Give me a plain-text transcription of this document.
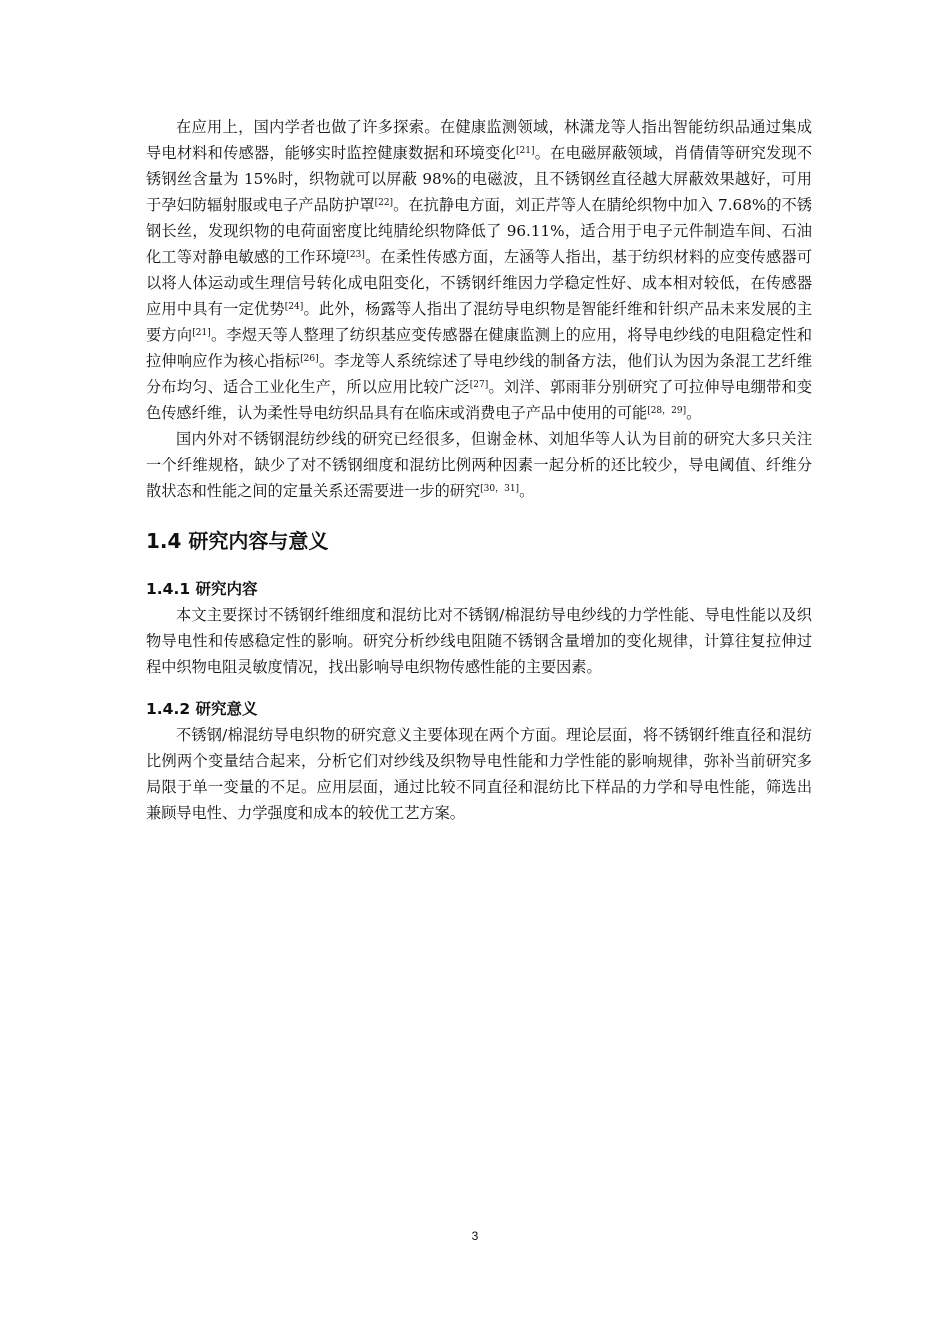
在应用上，国内学者也做了许多探索。在健康监测领域，林潇龙等人指出智能纺织品通过集成导电材料和传感器，能够实时监控健康数据和环境变化[21]。在电磁屏蔽领域，肖倩倩等研究发现不锈钢丝含量为 15%时，织物就可以屏蔽 98%的电磁波，且不锈钢丝直径越大屏蔽效果越好，可用于孕妇防辐射服或电子产品防护罩[22]。在抗静电方面，刘正芹等人在腈纶织物中加入 7.68%的不锈钢长丝，发现织物的电荷面密度比纯腈纶织物降低了 96.11%，适合用于电子元件制造车间、石油化工等对静电敏感的工作环境[23]。在柔性传感方面，左涵等人指出，基于纺织材料的应变传感器可以将人体运动或生理信号转化成电阻变化，不锈钢纤维因力学稳定性好、成本相对较低，在传感器应用中具有一定优势[24]。此外，杨露等人指出了混纺导电织物是智能纤维和针织产品未来发展的主要方向[21]。李煜天等人整理了纺织基应变传感器在健康监测上的应用，将导电纱线的电阻稳定性和拉伸响应作为核心指标[26]。李龙等人系统综述了导电纱线的制备方法，他们认为因为条混工艺纤维分布均匀、适合工业化生产，所以应用比较广泛[27]。刘洋、郭雨菲分别研究了可拉伸导电绷带和变色传感纤维，认为柔性导电纺织品具有在临床或消费电子产品中使用的可能[28，29]。

国内外对不锈钢混纺纱线的研究已经很多，但谢金林、刘旭华等人认为目前的研究大多只关注一个纤维规格，缺少了对不锈钢细度和混纺比例两种因素一起分析的还比较少，导电阈值、纤维分散状态和性能之间的定量关系还需要进一步的研究[30，31]。

1.4 研究内容与意义
1.4.1 研究内容

本文主要探讨不锈钢纤维细度和混纺比对不锈钢/棉混纺导电纱线的力学性能、导电性能以及织物导电性和传感稳定性的影响。研究分析纱线电阻随不锈钢含量增加的变化规律，计算往复拉伸过程中织物电阻灵敏度情况，找出影响导电织物传感性能的主要因素。

1.4.2 研究意义

不锈钢/棉混纺导电织物的研究意义主要体现在两个方面。理论层面，将不锈钢纤维直径和混纺比例两个变量结合起来，分析它们对纱线及织物导电性能和力学性能的影响规律，弥补当前研究多局限于单一变量的不足。应用层面，通过比较不同直径和混纺比下样品的力学和导电性能，筛选出兼顾导电性、力学强度和成本的较优工艺方案。

3
